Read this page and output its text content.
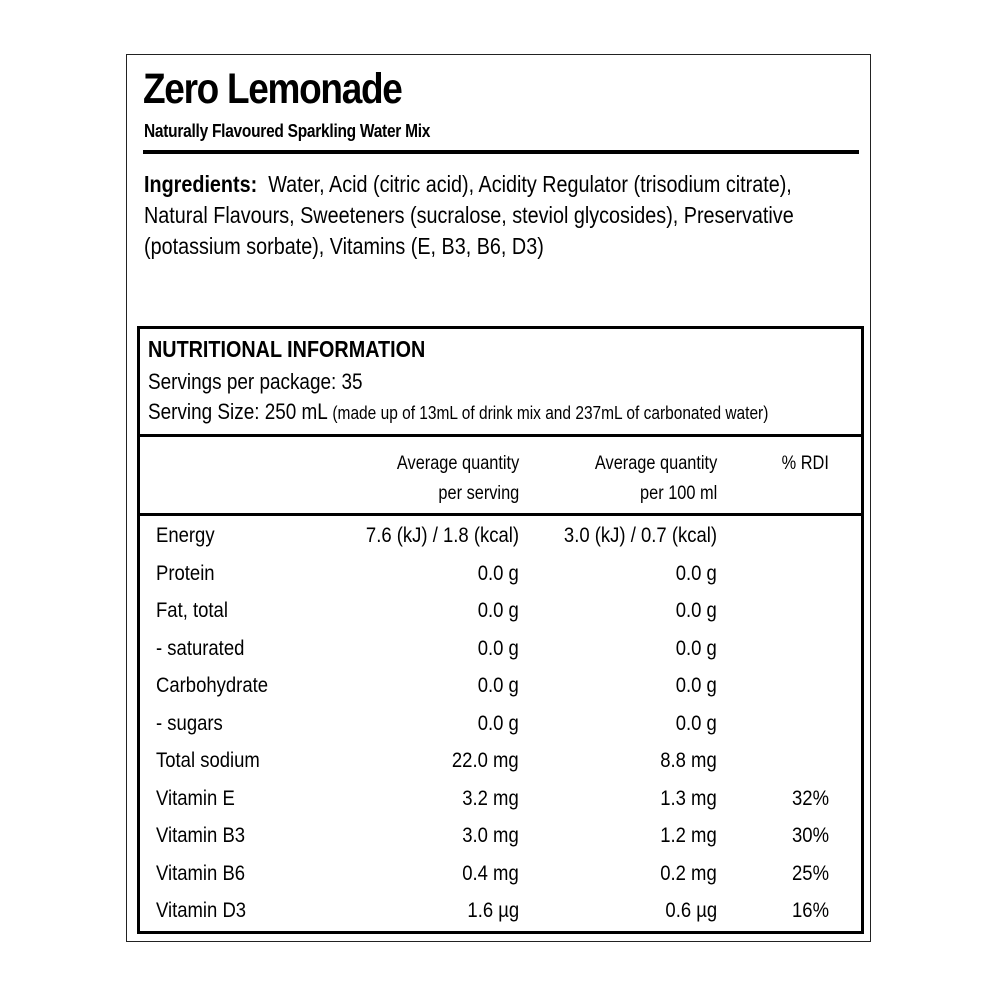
Zero Lemonade
Naturally Flavoured Sparkling Water Mix
Ingredients: Water, Acid (citric acid), Acidity Regulator (trisodium citrate), Natural Flavours, Sweeteners (sucralose, steviol glycosides), Preservative (potassium sorbate), Vitamins (E, B3, B6, D3)
NUTRITIONAL INFORMATION
Servings per package: 35
Serving Size: 250 mL (made up of 13mL of drink mix and 237mL of carbonated water)
Average quantity
per serving
Average quantity
per 100 ml
% RDI
Energy	7.6 (kJ) / 1.8 (kcal) 3.0 (kJ) / 0.7 (kcal)
Protein	0.0 g	0.0 g
Fat, total	0.0 g	0.0 g
- saturated	0.0 g	0.0 g
Carbohydrate	0.0 g	0.0 g
- sugars	0.0 g	0.0 g
Total sodium	22.0 mg	8.8 mg
Vitamin E	3.2 mg	1.3 mg	32%
Vitamin B3	3.0 mg	1.2 mg	30%
Vitamin B6	0.4 mg	0.2 mg	25%
Vitamin D3	1.6 µg	0.6 µg	16%
